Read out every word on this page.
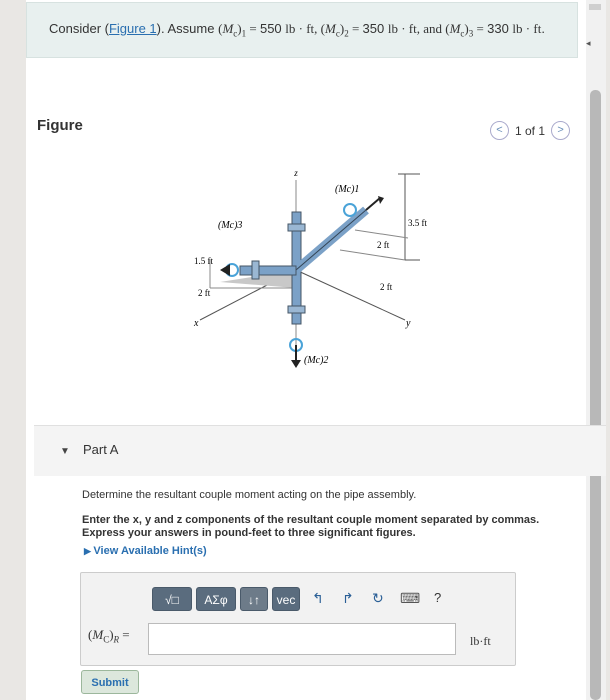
Consider (Figure 1). Assume $(M_c)_1 = 550$ lb · ft, $(M_c)_2 = 350$ lb · ft, and $(M_c)_3 = 330$ lb · ft.
◂
Figure	< 1 of 1 >
z
x	y
(Mc)1
(Mc)2
(Mc)3
1.5 ft
2 ft
2 ft
2 ft
3.5 ft
▼ Part A
Determine the resultant couple moment acting on the pipe assembly.
Enter the x, y and z components of the resultant couple moment separated by commas. Express your answers in pound-feet to three significant figures.
▶ View Available Hint(s)
√□	ΑΣφ	↓↑	vec	↰ ↱ ↻ ⌨ ?
$(M_C)_R$ =	lb·ft
Submit
